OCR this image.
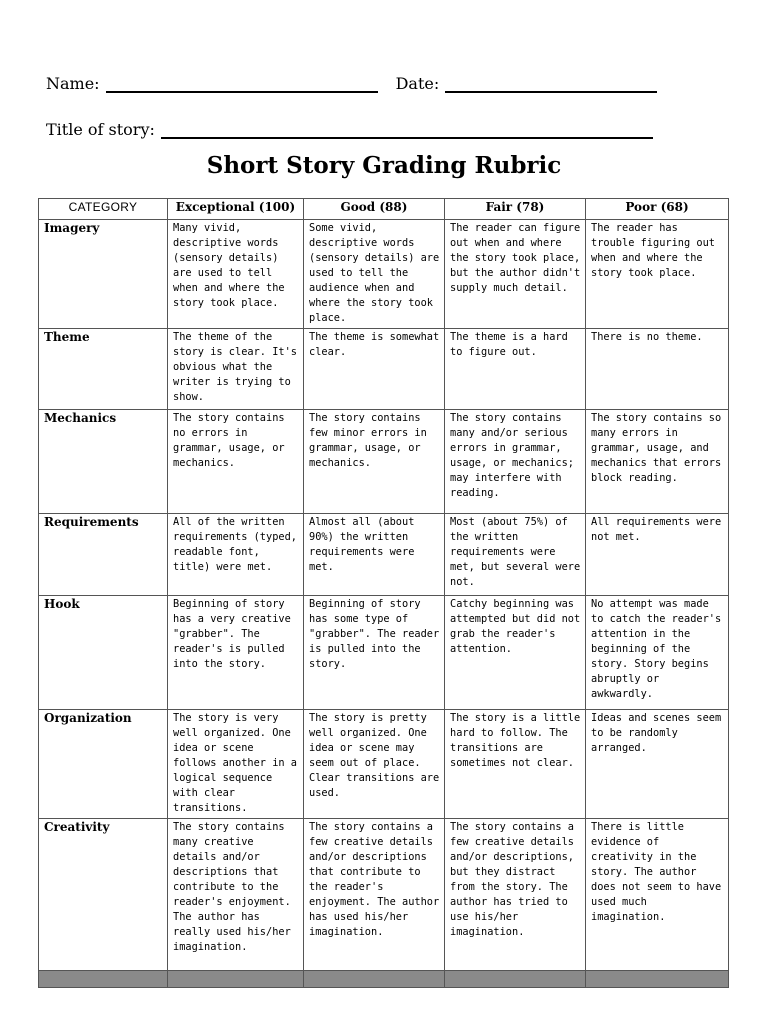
Name:	Date:
Title of story:
Short Story Grading Rubric
CATEGORY	Exceptional (100)	Good (88)	Fair (78)	Poor (68)
Imagery	Many vivid, descriptive words (sensory details) are used to tell when and where the story took place.	Some vivid, descriptive words (sensory details) are used to tell the audience when and where the story took place.	The reader can figure out when and where the story took place, but the author didn't supply much detail.	The reader has trouble figuring out when and where the story took place.
Theme	The theme of the story is clear. It's obvious what the writer is trying to show.	The theme is somewhat clear.	The theme is a hard to figure out.	There is no theme.
Mechanics	The story contains no errors in grammar, usage, or mechanics.	The story contains few minor errors in grammar, usage, or mechanics.	The story contains many and/or serious errors in grammar, usage, or mechanics; may interfere with reading.	The story contains so many errors in grammar, usage, and mechanics that errors block reading.
Requirements	All of the written requirements (typed, readable font, title) were met.	Almost all (about 90%) the written requirements were met.	Most (about 75%) of the written requirements were met, but several were not.	All requirements were not met.
Hook	Beginning of story has a very creative "grabber". The reader's is pulled into the story.	Beginning of story has some type of "grabber". The reader is pulled into the story.	Catchy beginning was attempted but did not grab the reader's attention.	No attempt was made to catch the reader's attention in the beginning of the story. Story begins abruptly or awkwardly.
Organization	The story is very well organized. One idea or scene follows another in a logical sequence with clear transitions.	The story is pretty well organized. One idea or scene may seem out of place. Clear transitions are used.	The story is a little hard to follow. The transitions are sometimes not clear.	Ideas and scenes seem to be randomly arranged.
Creativity	The story contains many creative details and/or descriptions that contribute to the reader's enjoyment. The author has really used his/her imagination.	The story contains a few creative details and/or descriptions that contribute to the reader's enjoyment. The author has used his/her imagination.	The story contains a few creative details and/or descriptions, but they distract from the story. The author has tried to use his/her imagination.	There is little evidence of creativity in the story. The author does not seem to have used much imagination.
